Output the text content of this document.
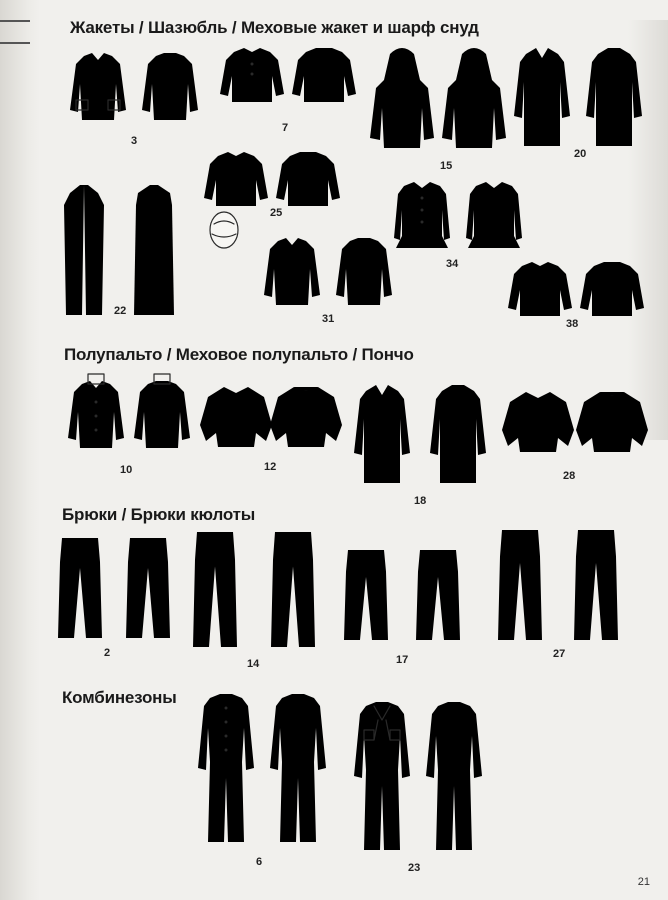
Жакеты / Шазюбль / Меховые жакет и шарф снуд
3
7
15
20
25
22
31
34
38
Полупальто / Меховое полупальто / Пончо
10	12
18
28
Брюки / Брюки кюлоты
2
14	17	27
Комбинезоны
6	23
21
